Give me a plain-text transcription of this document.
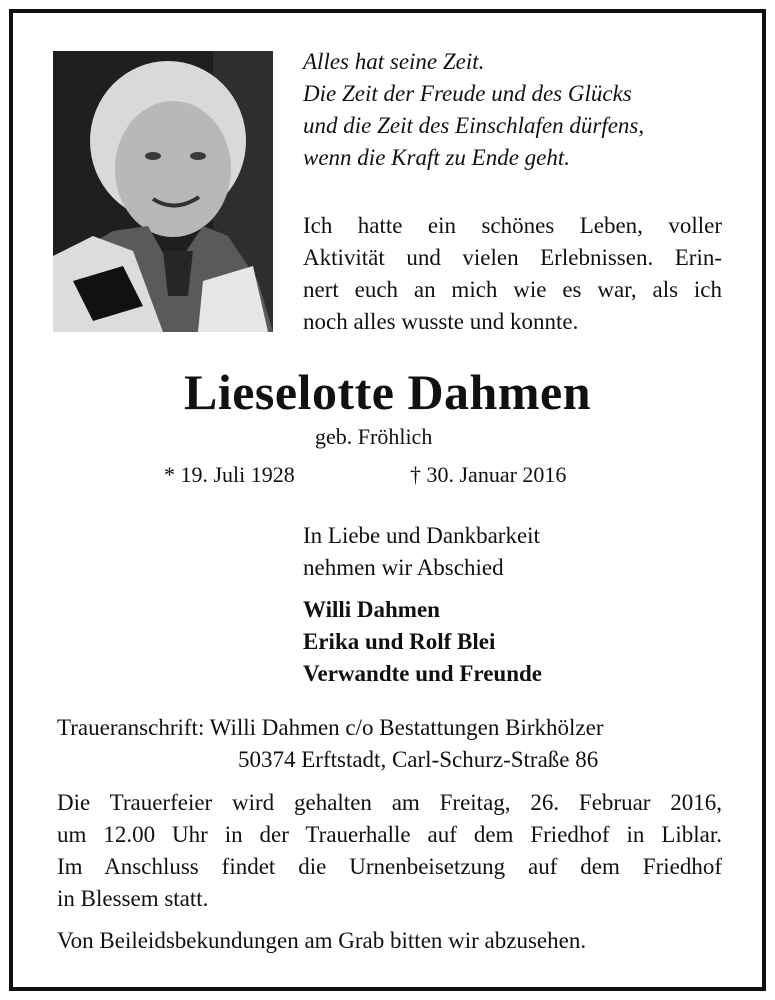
Alles hat seine Zeit.
Die Zeit der Freude und des Glücks
und die Zeit des Einschlafen dürfens,
wenn die Kraft zu Ende geht.
Ich hatte ein schönes Leben, voller
Aktivität und vielen Erlebnissen. Erin-
nert euch an mich wie es war, als ich
noch alles wusste und konnte.
Lieselotte Dahmen
geb. Fröhlich
* 19. Juli 1928	† 30. Januar 2016
In Liebe und Dankbarkeit
nehmen wir Abschied
Willi Dahmen
Erika und Rolf Blei
Verwandte und Freunde
Traueranschrift: Willi Dahmen c/o Bestattungen Birkhölzer
50374 Erftstadt, Carl-Schurz-Straße 86
Die Trauerfeier wird gehalten am Freitag, 26. Februar 2016,
um 12.00 Uhr in der Trauerhalle auf dem Friedhof in Liblar.
Im Anschluss findet die Urnenbeisetzung auf dem Friedhof
in Blessem statt.
Von Beileidsbekundungen am Grab bitten wir abzusehen.
